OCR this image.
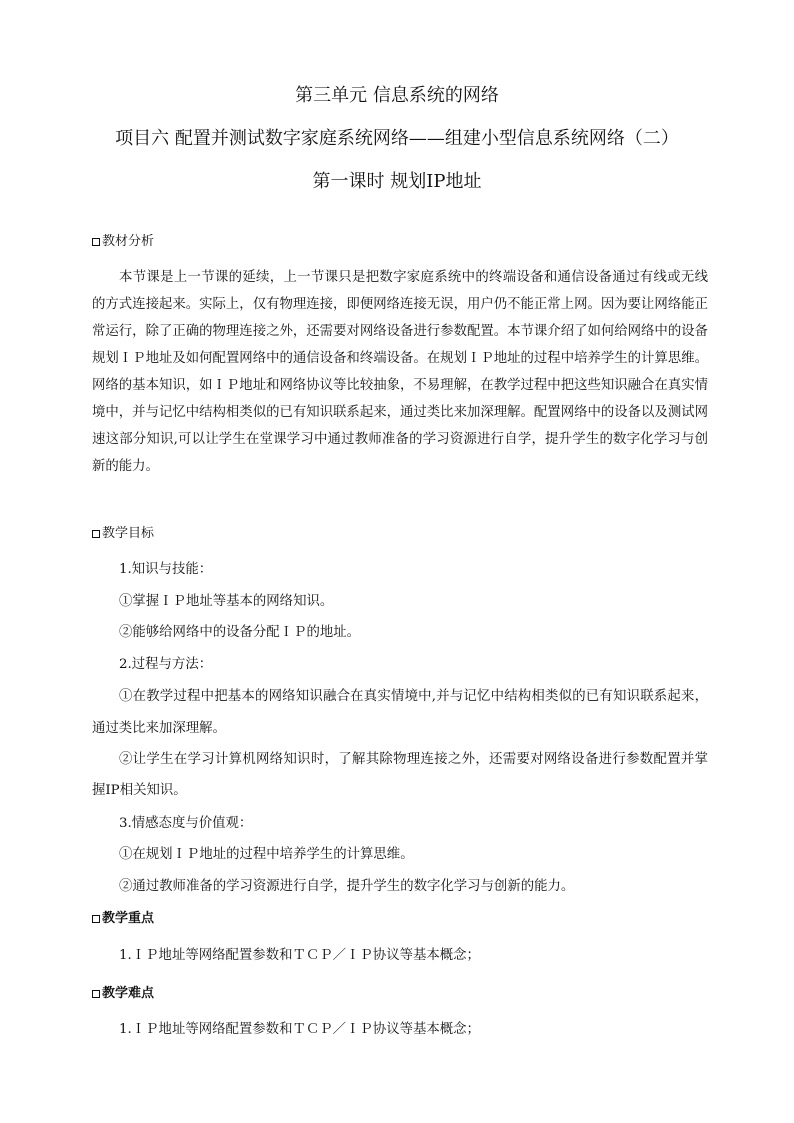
第三单元 信息系统的网络
项目六 配置并测试数字家庭系统网络——组建小型信息系统网络（二）
第一课时 规划IP地址
教材分析
本节课是上一节课的延续，上一节课只是把数字家庭系统中的终端设备和通信设备通过有线或无线的方式连接起来。实际上，仅有物理连接，即便网络连接无误，用户仍不能正常上网。因为要让网络能正常运行，除了正确的物理连接之外，还需要对网络设备进行参数配置。本节课介绍了如何给网络中的设备规划ＩＰ地址及如何配置网络中的通信设备和终端设备。在规划ＩＰ地址的过程中培养学生的计算思维。网络的基本知识，如ＩＰ地址和网络协议等比较抽象，不易理解，在教学过程中把这些知识融合在真实情境中，并与记忆中结构相类似的已有知识联系起来，通过类比来加深理解。配置网络中的设备以及测试网速这部分知识,可以让学生在堂课学习中通过教师准备的学习资源进行自学，提升学生的数字化学习与创新的能力。
教学目标
1.知识与技能：
①掌握ＩＰ地址等基本的网络知识。
②能够给网络中的设备分配ＩＰ的地址。
2.过程与方法：
①在教学过程中把基本的网络知识融合在真实情境中,并与记忆中结构相类似的已有知识联系起来，通过类比来加深理解。
②让学生在学习计算机网络知识时，了解其除物理连接之外，还需要对网络设备进行参数配置并掌握IP相关知识。
3.情感态度与价值观：
①在规划ＩＰ地址的过程中培养学生的计算思维。
②通过教师准备的学习资源进行自学，提升学生的数字化学习与创新的能力。
教学重点
1.ＩＰ地址等网络配置参数和ＴＣＰ／ＩＰ协议等基本概念；
教学难点
1.ＩＰ地址等网络配置参数和ＴＣＰ／ＩＰ协议等基本概念；
